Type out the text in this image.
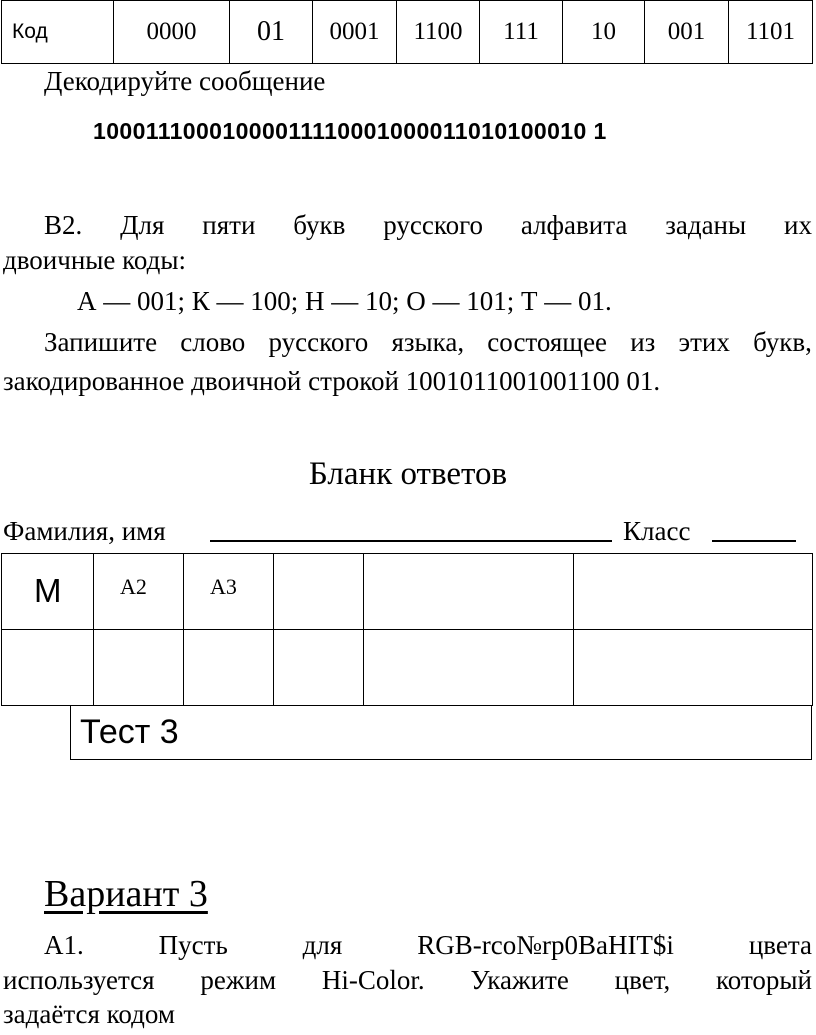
Код	0000	01	0001	1100	111	10	001	1101
Декодируйте сообщение
10001110001000011110001000011010100010 1
В2. Для пяти букв русского алфавита заданы их
двоичные коды:
А — 001; К — 100; Н — 10; О — 101; Т — 01.
Запишите слово русского языка, состоящее из этих букв,
закодированное двоичной строкой 1001011001001100 01.
Бланк ответов
Фамилия, имя	Класс
М	А2	А3			

Тест 3
Вариант 3
А1.	Пусть	для	RGB-rco№rp0BaHIT$i	цвета
используется режим Hi-Color. Укажите цвет, который
задаётся кодом
